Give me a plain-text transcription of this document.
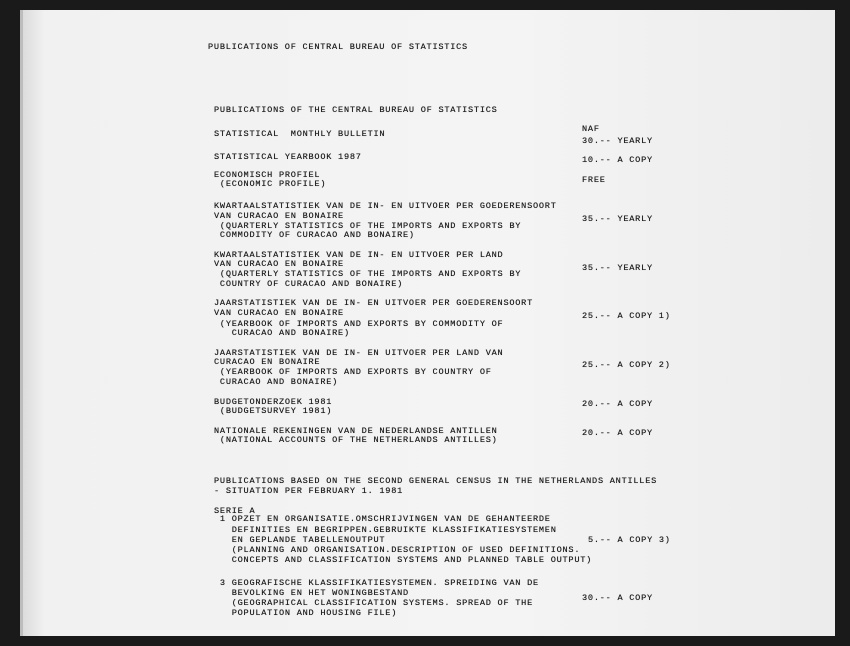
PUBLICATIONS OF CENTRAL BUREAU OF STATISTICS
PUBLICATIONS OF THE CENTRAL BUREAU OF STATISTICS
NAF
STATISTICAL  MONTHLY BULLETIN
30.-- YEARLY
STATISTICAL YEARBOOK 1987	10.-- A COPY
ECONOMISCH PROFIEL
(ECONOMIC PROFILE)	FREE
KWARTAALSTATISTIEK VAN DE IN- EN UITVOER PER GOEDERENSOORT
VAN CURACAO EN BONAIRE
(QUARTERLY STATISTICS OF THE IMPORTS AND EXPORTS BY
COMMODITY OF CURACAO AND BONAIRE)
35.-- YEARLY
KWARTAALSTATISTIEK VAN DE IN- EN UITVOER PER LAND
VAN CURACAO EN BONAIRE
(QUARTERLY STATISTICS OF THE IMPORTS AND EXPORTS BY
COUNTRY OF CURACAO AND BONAIRE)
35.-- YEARLY
JAARSTATISTIEK VAN DE IN- EN UITVOER PER GOEDERENSOORT
VAN CURACAO EN BONAIRE
(YEARBOOK OF IMPORTS AND EXPORTS BY COMMODITY OF
CURACAO AND BONAIRE)
25.-- A COPY 1)
JAARSTATISTIEK VAN DE IN- EN UITVOER PER LAND VAN
CURACAO EN BONAIRE
(YEARBOOK OF IMPORTS AND EXPORTS BY COUNTRY OF
CURACAO AND BONAIRE)
25.-- A COPY 2)
BUDGETONDERZOEK 1981
(BUDGETSURVEY 1981)
20.-- A COPY
NATIONALE REKENINGEN VAN DE NEDERLANDSE ANTILLEN
(NATIONAL ACCOUNTS OF THE NETHERLANDS ANTILLES)
20.-- A COPY
PUBLICATIONS BASED ON THE SECOND GENERAL CENSUS IN THE NETHERLANDS ANTILLES
- SITUATION PER FEBRUARY 1. 1981
SERIE A
1 OPZET EN ORGANISATIE.OMSCHRIJVINGEN VAN DE GEHANTEERDE
DEFINITIES EN BEGRIPPEN.GEBRUIKTE KLASSIFIKATIESYSTEMEN
EN GEPLANDE TABELLENOUTPUT
(PLANNING AND ORGANISATION.DESCRIPTION OF USED DEFINITIONS.
CONCEPTS AND CLASSIFICATION SYSTEMS AND PLANNED TABLE OUTPUT)
5.-- A COPY 3)
3 GEOGRAFISCHE KLASSIFIKATIESYSTEMEN. SPREIDING VAN DE
BEVOLKING EN HET WONINGBESTAND
(GEOGRAPHICAL CLASSIFICATION SYSTEMS. SPREAD OF THE
POPULATION AND HOUSING FILE)
30.-- A COPY
